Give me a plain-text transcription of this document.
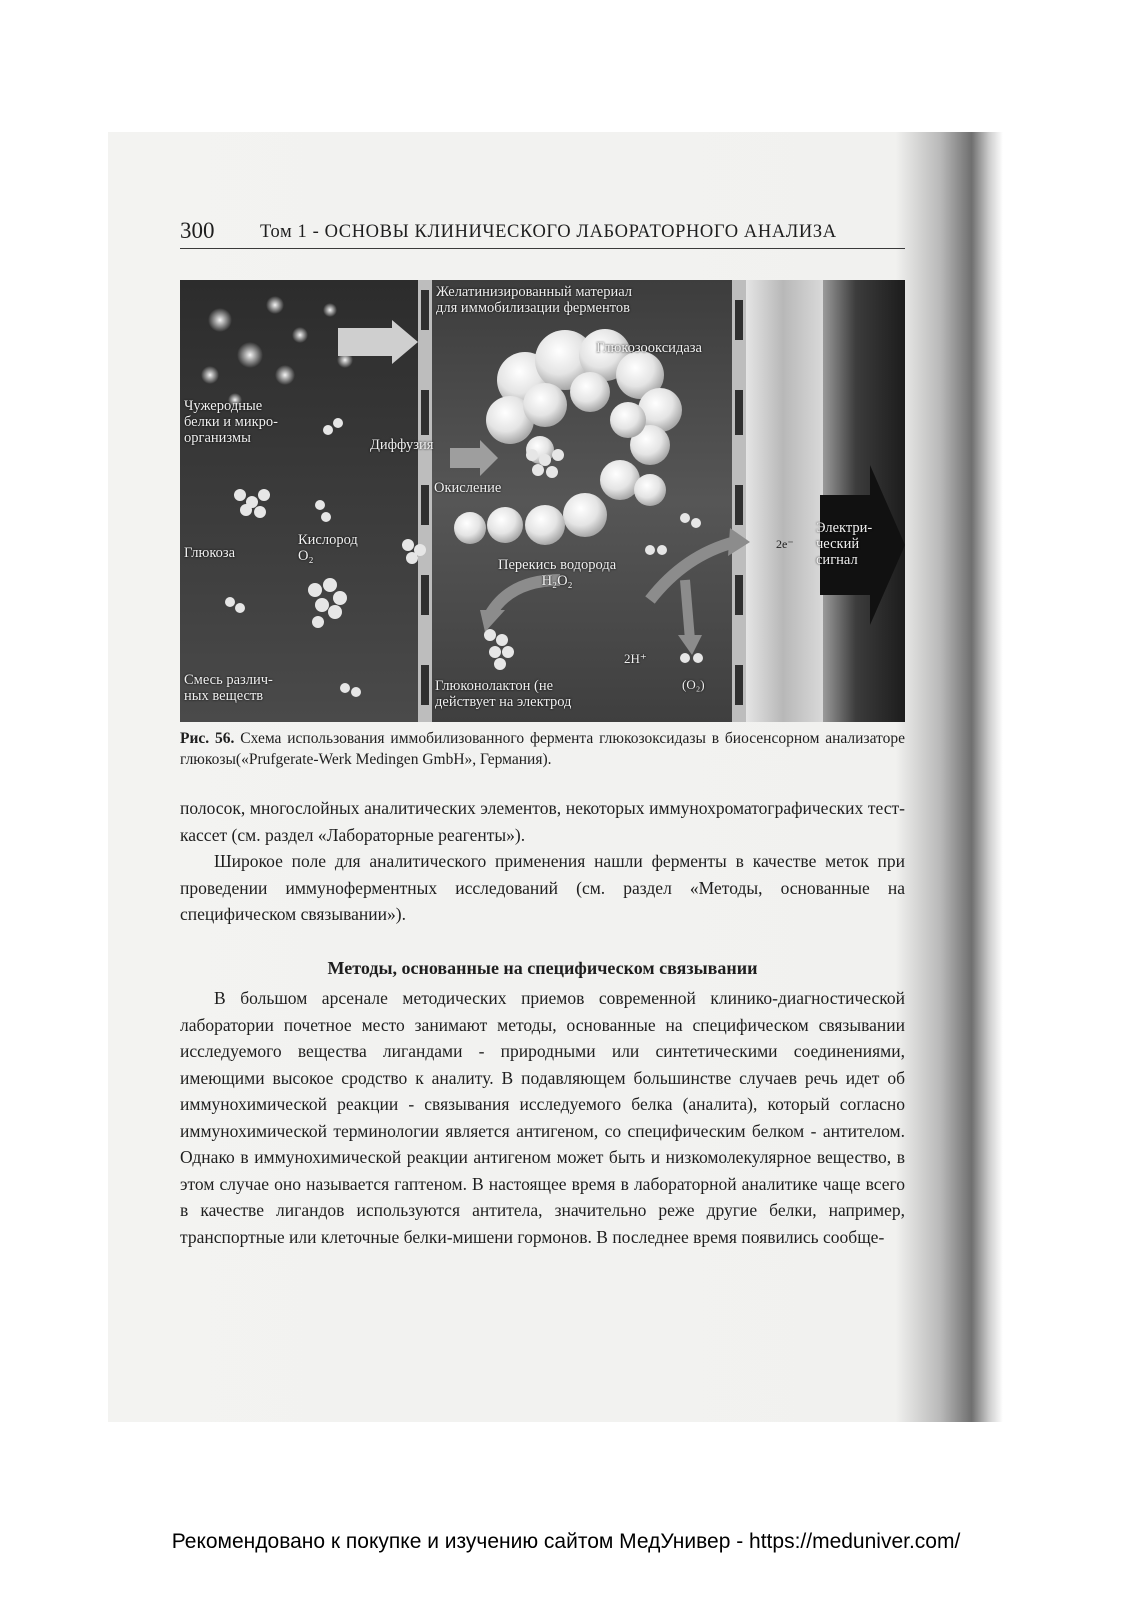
300 Том 1 - ОСНОВЫ КЛИНИЧЕСКОГО ЛАБОРАТОРНОГО АНАЛИЗА
Желатинизированный материал
для иммобилизации ферментов
Глюкозооксидаза
Чужеродные
белки и микро-
организмы	Диффузия
Окисление
Кислород
O₂
Глюкоза
Перекись водорода
H₂O₂
2e⁻
Электри-
ческий
сигнал
2H⁺
(O₂)
Смесь различ-
ных веществ
Глюконолактон (не
действует на электрод
Рис. 56. Схема использования иммобилизованного фермента глюкозоксидазы в биосенсорном анализаторе глюкозы(«Prufgerate-Werk Medingen GmbH», Германия).

полосок, многослойных аналитических элементов, некоторых иммунохроматографических тест-кассет (см. раздел «Лабораторные реагенты»).

Широкое поле для аналитического применения нашли ферменты в качестве меток при проведении иммуноферментных исследований (см. раздел «Методы, основанные на специфическом связывании»).

Методы, основанные на специфическом связывании

В большом арсенале методических приемов современной клинико-диагностической лаборатории почетное место занимают методы, основанные на специфическом связывании исследуемого вещества лигандами - природными или синтетическими соединениями, имеющими высокое сродство к аналиту. В подавляющем большинстве случаев речь идет об иммунохимической реакции - связывания исследуемого белка (аналита), который согласно иммунохимической терминологии является антигеном, со специфическим белком - антителом. Однако в иммунохимической реакции антигеном может быть и низкомолекулярное вещество, в этом случае оно называется гаптеном. В настоящее время в лабораторной аналитике чаще всего в качестве лигандов используются антитела, значительно реже другие белки, например, транспортные или клеточные белки-мишени гормонов. В последнее время появились сообще-

Рекомендовано к покупке и изучению сайтом МедУнивер - https://meduniver.com/
